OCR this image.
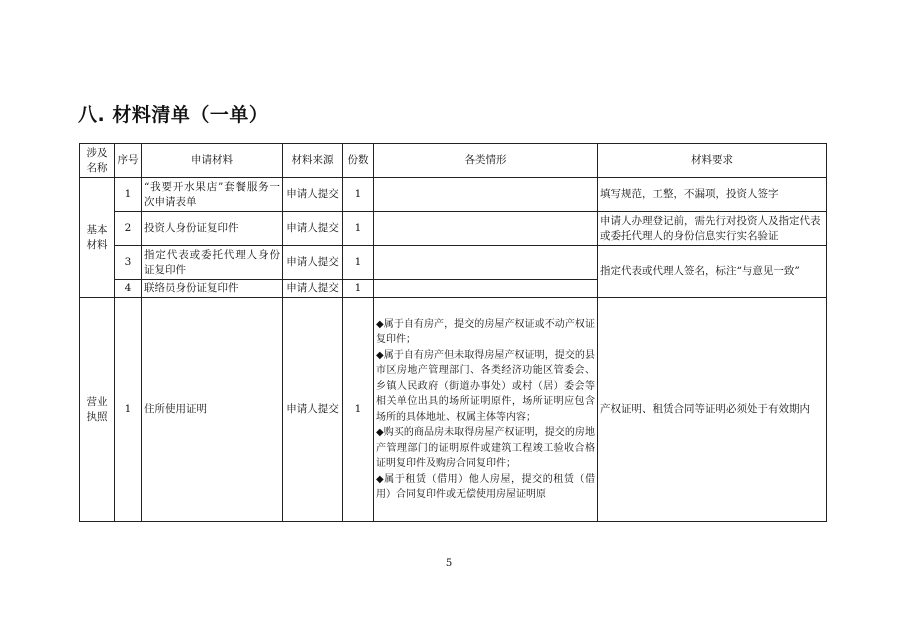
八. 材料清单（一单）
涉及
名称	序号	申请材料	材料来源	份数	各类情形	材料要求
基本材料	1	“我要开水果店”套餐服务一次申请表单	申请人提交	1		填写规范，工整，不漏项，投资人签字
	2	投资人身份证复印件	申请人提交	1		申请人办理登记前，需先行对投资人及指定代表或委托代理人的身份信息实行实名验证
	3	指定代表或委托代理人身份证复印件	申请人提交	1		指定代表或代理人签名，标注“与意见一致”
	4	联络员身份证复印件	申请人提交	1		
营业执照	1	住所使用证明	申请人提交	1	◆属于自有房产，提交的房屋产权证或不动产权证复印件；
◆属于自有房产但未取得房屋产权证明，提交的县市区房地产管理部门、各类经济功能区管委会、乡镇人民政府（街道办事处）或村（居）委会等相关单位出具的场所证明原件，场所证明应包含场所的具体地址、权属主体等内容；
◆购买的商品房未取得房屋产权证明，提交的房地产管理部门的证明原件或建筑工程竣工验收合格证明复印件及购房合同复印件；
◆属于租赁（借用）他人房屋，提交的租赁（借用）合同复印件或无偿使用房屋证明原	产权证明、租赁合同等证明必须处于有效期内
5
